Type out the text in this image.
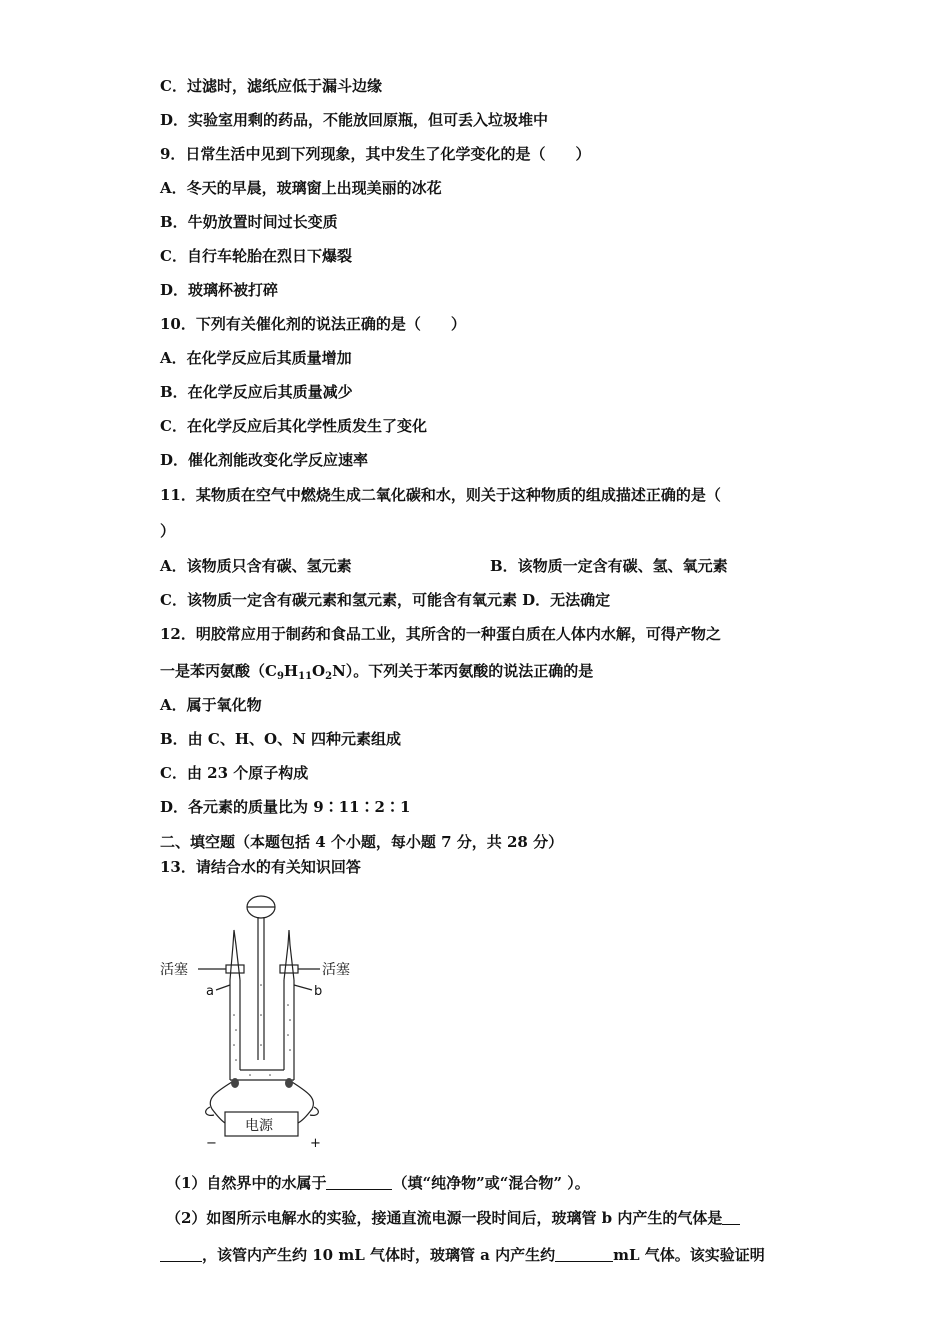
C．过滤时，滤纸应低于漏斗边缘
D．实验室用剩的药品，不能放回原瓶，但可丢入垃圾堆中
9．日常生活中见到下列现象，其中发生了化学变化的是（　　）
A．冬天的早晨，玻璃窗上出现美丽的冰花
B．牛奶放置时间过长变质
C．自行车轮胎在烈日下爆裂
D．玻璃杯被打碎
10．下列有关催化剂的说法正确的是（　　）
A．在化学反应后其质量增加
B．在化学反应后其质量减少
C．在化学反应后其化学性质发生了变化
D．催化剂能改变化学反应速率
11．某物质在空气中燃烧生成二氧化碳和水，则关于这种物质的组成描述正确的是（
）
A．该物质只含有碳、氢元素	B．该物质一定含有碳、氢、氧元素
C．该物质一定含有碳元素和氢元素，可能含有氧元素 D．无法确定
12．明胶常应用于制药和食品工业，其所含的一种蛋白质在人体内水解，可得产物之
一是苯丙氨酸$(C_9H_{11}O_2N)$。下列关于苯丙氨酸的说法正确的是
A．属于氧化物
B．由 C、H、O、N 四种元素组成
C．由 23 个原子构成
D．各元素的质量比为 9∶11∶2∶1
二、填空题（本题包括 4 个小题，每小题 7 分，共 28 分）
13．请结合水的有关知识回答
活塞	活塞
a	b
电源
−	+
（1）自然界中的水属于	（填“纯净物”或“混合物” ）。
（2）如图所示电解水的实验，接通直流电源一段时间后，玻璃管 b 内产生的气体是
，该管内产生约 10 mL 气体时，玻璃管 a 内产生约	mL 气体。该实验证明
